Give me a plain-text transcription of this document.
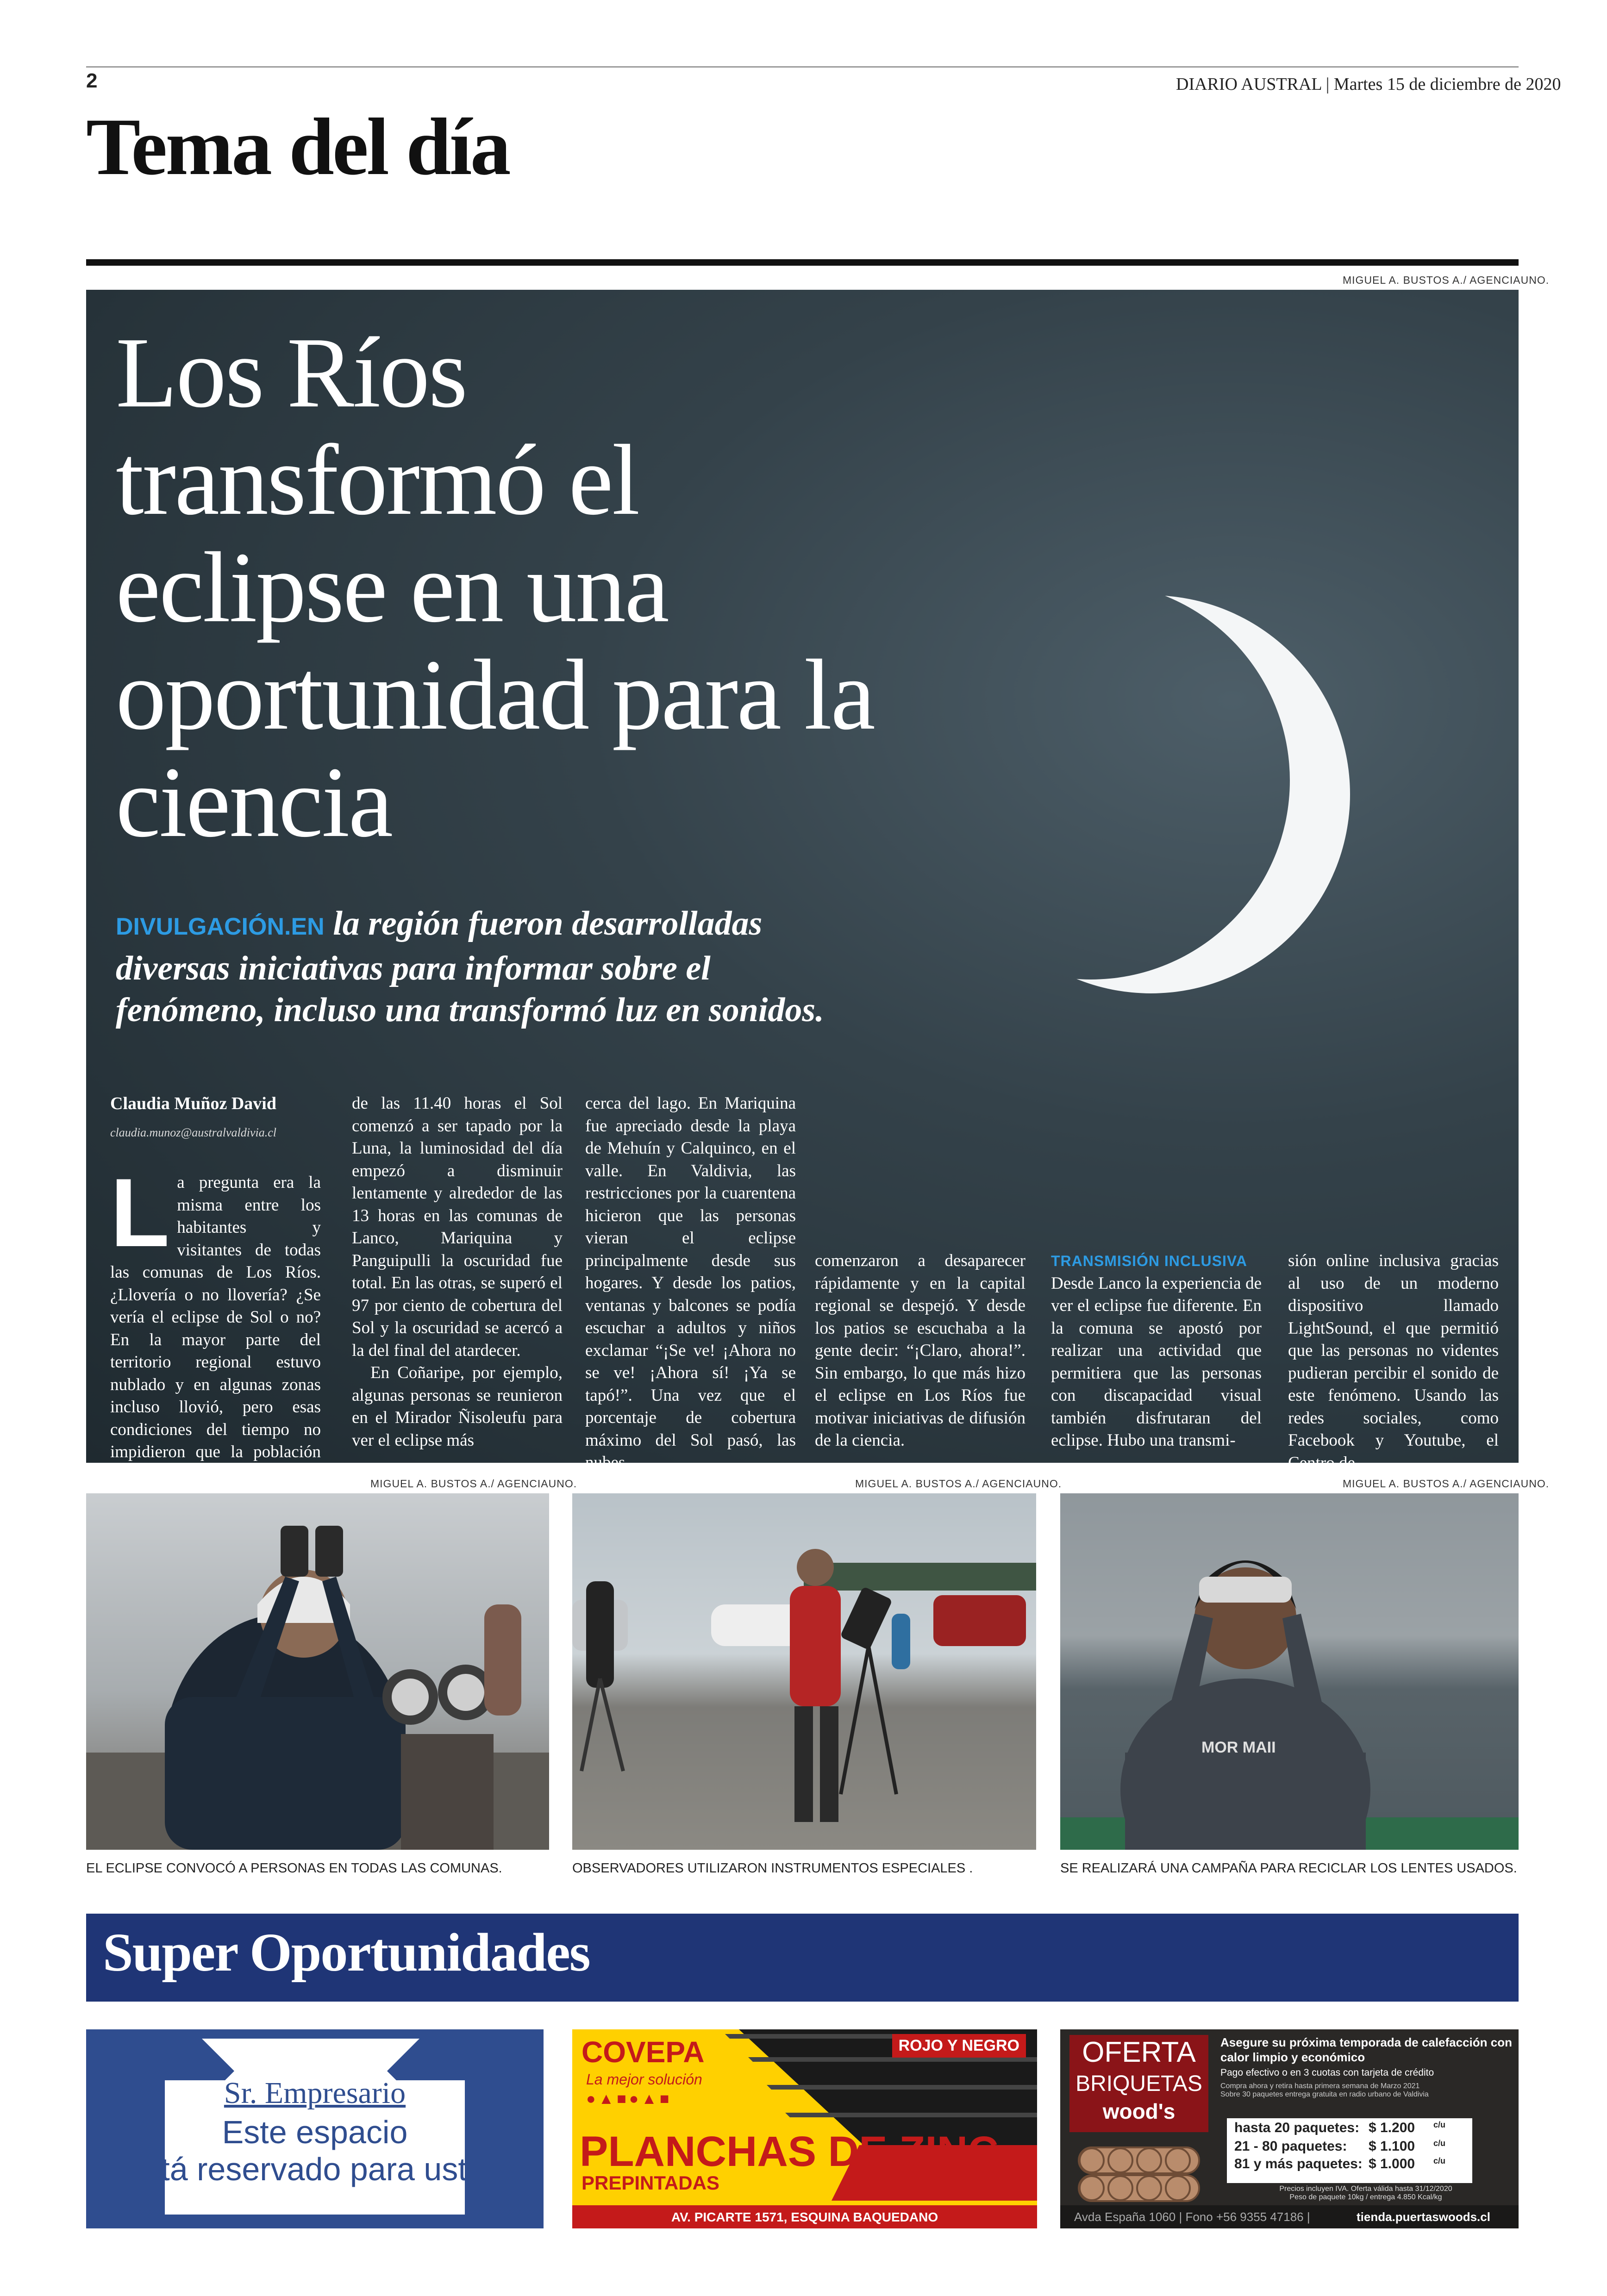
2	DIARIO AUSTRAL | Martes 15 de diciembre de 2020
Tema del día
MIGUEL A. BUSTOS A./ AGENCIAUNO.
Los Ríos transformó el eclipse en una oportunidad para la ciencia
DIVULGACIÓN.EN la región fueron desarrolladas diversas iniciativas para informar sobre el fenómeno, incluso una transformó luz en sonidos.
Claudia Muñoz David
claudia.munoz@australvaldivia.cl
L a pregunta era la misma entre los habitantes y visitantes de todas las comunas de Los Ríos. ¿Llovería o no llovería? ¿Se vería el eclipse de Sol o no? En la mayor parte del territorio regional estuvo nublado y en algunas zonas incluso llovió, pero esas condiciones del tiempo no impidieron que la población pudiera percibir los cambios.
de las 11.40 horas el Sol comenzó a ser tapado por la Luna, la luminosidad del día empezó a disminuir lentamente y alrededor de las 13 horas en las comunas de Lanco, Mariquina y Panguipulli la oscuridad fue total. En las otras, se superó el 97 por ciento de cobertura del Sol y la oscuridad se acercó a la del final del atardecer.
En Coñaripe, por ejemplo, algunas personas se reunieron en el Mirador Ñisoleufu para ver el eclipse más
cerca del lago. En Mariquina fue apreciado desde la playa de Mehuín y Calquinco, en el valle. En Valdivia, las restricciones por la cuarentena hicieron que las personas vieran el eclipse principalmente desde sus hogares. Y desde los patios, ventanas y balcones se podía escuchar a adultos y niños exclamar “¡Se ve! ¡Ahora no se ve! ¡Ahora sí! ¡Ya se tapó!”. Una vez que el porcentaje de cobertura máximo del Sol pasó, las nubes
comenzaron a desaparecer rápidamente y en la capital regional se despejó. Y desde los patios se escuchaba a la gente decir: “¡Claro, ahora!”. Sin embargo, lo que más hizo el eclipse en Los Ríos fue motivar iniciativas de difusión de la ciencia.
TRANSMISIÓN INCLUSIVA
Desde Lanco la experiencia de ver el eclipse fue diferente. En la comuna se apostó por realizar una actividad que permitiera que las personas con discapacidad visual también disfrutaran del eclipse. Hubo una transmi-
sión online inclusiva gracias al uso de un moderno dispositivo llamado LightSound, el que permitió que las personas no videntes pudieran percibir el sonido de este fenómeno. Usando las redes sociales, como Facebook y Youtube, el Centro de
MIGUEL A. BUSTOS A./ AGENCIAUNO.
EL ECLIPSE CONVOCÓ A PERSONAS EN TODAS LAS COMUNAS.
MIGUEL A. BUSTOS A./ AGENCIAUNO.
OBSERVADORES UTILIZARON INSTRUMENTOS ESPECIALES .
MIGUEL A. BUSTOS A./ AGENCIAUNO.
MOR MAII
SE REALIZARÁ UNA CAMPAÑA PARA RECICLAR LOS LENTES USADOS.
Super Oportunidades
Sr. Empresario
Este espacio
está reservado para usted
COVEPA
La mejor solución
●▲■●▲■
ROJO Y NEGRO
PLANCHAS DE ZINC
PREPINTADAS
AV. PICARTE 1571, ESQUINA BAQUEDANO
OFERTA
BRIQUETAS
wood's
Asegure su próxima temporada de calefacción con calor limpio y económico
Pago efectivo o en 3 cuotas con tarjeta de crédito
Compra ahora y retira hasta primera semana de Marzo 2021
Sobre 30 paquetes entrega gratuita en radio urbano de Valdivia
hasta 20 paquetes: $ 1.200	c/u
21 - 80 paquetes:	$ 1.100	c/u
81 y más paquetes: $ 1.000	c/u
Precios incluyen IVA. Oferta válida hasta 31/12/2020
Peso de paquete 10kg / entrega 4.850 Kcal/kg
Avda España 1060 | Fono +56 9355 47186 |	tienda.puertaswoods.cl
